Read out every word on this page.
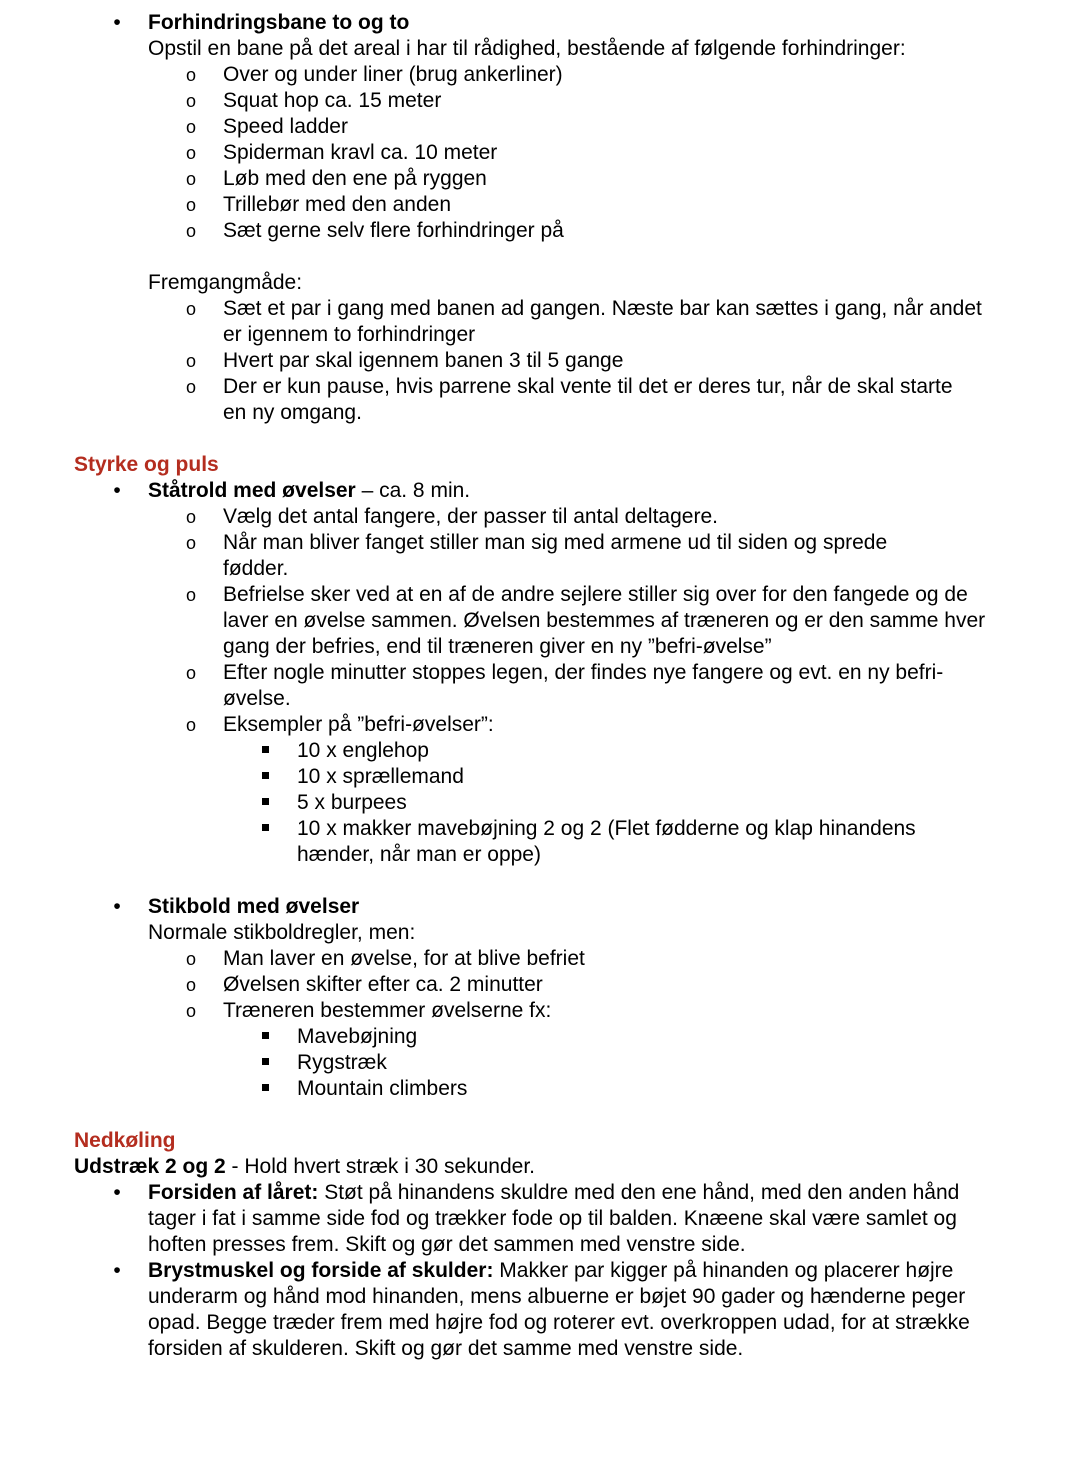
• Forhindringsbane to og to
Opstil en bane på det areal i har til rådighed, bestående af følgende forhindringer:
o Over og under liner (brug ankerliner)
o Squat hop ca. 15 meter
o Speed ladder
o Spiderman kravl ca. 10 meter
o Løb med den ene på ryggen
o Trillebør med den anden
o Sæt gerne selv flere forhindringer på
Fremgangmåde:
o Sæt et par i gang med banen ad gangen. Næste bar kan sættes i gang, når andet er igennem to forhindringer
o Hvert par skal igennem banen 3 til 5 gange
o Der er kun pause, hvis parrene skal vente til det er deres tur, når de skal starte en ny omgang.
Styrke og puls
• Ståtrold med øvelser – ca. 8 min.
o Vælg det antal fangere, der passer til antal deltagere.
o Når man bliver fanget stiller man sig med armene ud til siden og sprede fødder.
o Befrielse sker ved at en af de andre sejlere stiller sig over for den fangede og de laver en øvelse sammen. Øvelsen bestemmes af træneren og er den samme hver gang der befries, end til træneren giver en ny ”befri-øvelse”
o Efter nogle minutter stoppes legen, der findes nye fangere og evt. en ny befri-øvelse.
o Eksempler på ”befri-øvelser”:
10 x englehop
10 x sprællemand
5 x burpees
10 x makker mavebøjning 2 og 2 (Flet fødderne og klap hinandens hænder, når man er oppe)
• Stikbold med øvelser
Normale stikboldregler, men:
o Man laver en øvelse, for at blive befriet
o Øvelsen skifter efter ca. 2 minutter
o Træneren bestemmer øvelserne fx:
Mavebøjning
Rygstræk
Mountain climbers
Nedkøling
Udstræk 2 og 2 - Hold hvert stræk i 30 sekunder.
• Forsiden af låret: Støt på hinandens skuldre med den ene hånd, med den anden hånd tager i fat i samme side fod og trækker fode op til balden. Knæene skal være samlet og hoften presses frem. Skift og gør det sammen med venstre side.
• Brystmuskel og forside af skulder: Makker par kigger på hinanden og placerer højre underarm og hånd mod hinanden, mens albuerne er bøjet 90 gader og hænderne peger opad. Begge træder frem med højre fod og roterer evt. overkroppen udad, for at strække forsiden af skulderen. Skift og gør det samme med venstre side.
